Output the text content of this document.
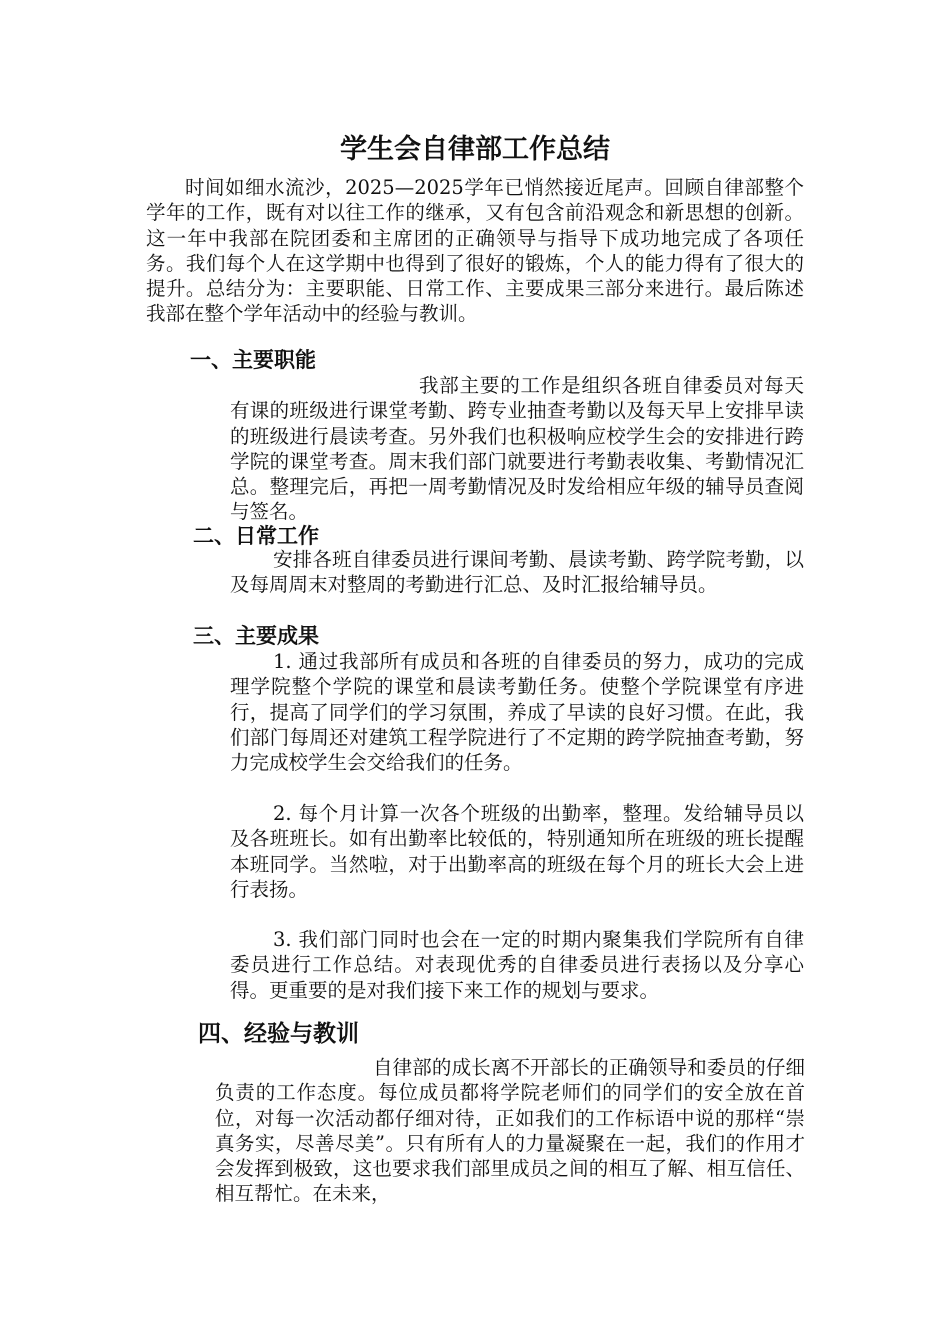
学生会自律部工作总结

时间如细水流沙，2025—2025学年已悄然接近尾声。回顾自律部整个学年的工作，既有对以往工作的继承，又有包含前沿观念和新思想的创新。这一年中我部在院团委和主席团的正确领导与指导下成功地完成了各项任务。我们每个人在这学期中也得到了很好的锻炼，个人的能力得有了很大的提升。总结分为：主要职能、日常工作、主要成果三部分来进行。最后陈述我部在整个学年活动中的经验与教训。

一、主要职能

我部主要的工作是组织各班自律委员对每天有课的班级进行课堂考勤、跨专业抽查考勤以及每天早上安排早读的班级进行晨读考查。另外我们也积极响应校学生会的安排进行跨学院的课堂考查。周末我们部门就要进行考勤表收集、考勤情况汇总。整理完后，再把一周考勤情况及时发给相应年级的辅导员查阅与签名。

二、日常工作

安排各班自律委员进行课间考勤、晨读考勤、跨学院考勤，以及每周周末对整周的考勤进行汇总、及时汇报给辅导员。

三、主要成果

1. 通过我部所有成员和各班的自律委员的努力，成功的完成理学院整个学院的课堂和晨读考勤任务。使整个学院课堂有序进行，提高了同学们的学习氛围，养成了早读的良好习惯。在此，我们部门每周还对建筑工程学院进行了不定期的跨学院抽查考勤，努力完成校学生会交给我们的任务。

2. 每个月计算一次各个班级的出勤率，整理。发给辅导员以及各班班长。如有出勤率比较低的，特别通知所在班级的班长提醒本班同学。当然啦，对于出勤率高的班级在每个月的班长大会上进行表扬。

3. 我们部门同时也会在一定的时期内聚集我们学院所有自律委员进行工作总结。对表现优秀的自律委员进行表扬以及分享心得。更重要的是对我们接下来工作的规划与要求。

四、经验与教训

自律部的成长离不开部长的正确领导和委员的仔细负责的工作态度。每位成员都将学院老师们的同学们的安全放在首位，对每一次活动都仔细对待，正如我们的工作标语中说的那样“崇真务实，尽善尽美”。只有所有人的力量凝聚在一起，我们的作用才会发挥到极致，这也要求我们部里成员之间的相互了解、相互信任、相互帮忙。在未来，
